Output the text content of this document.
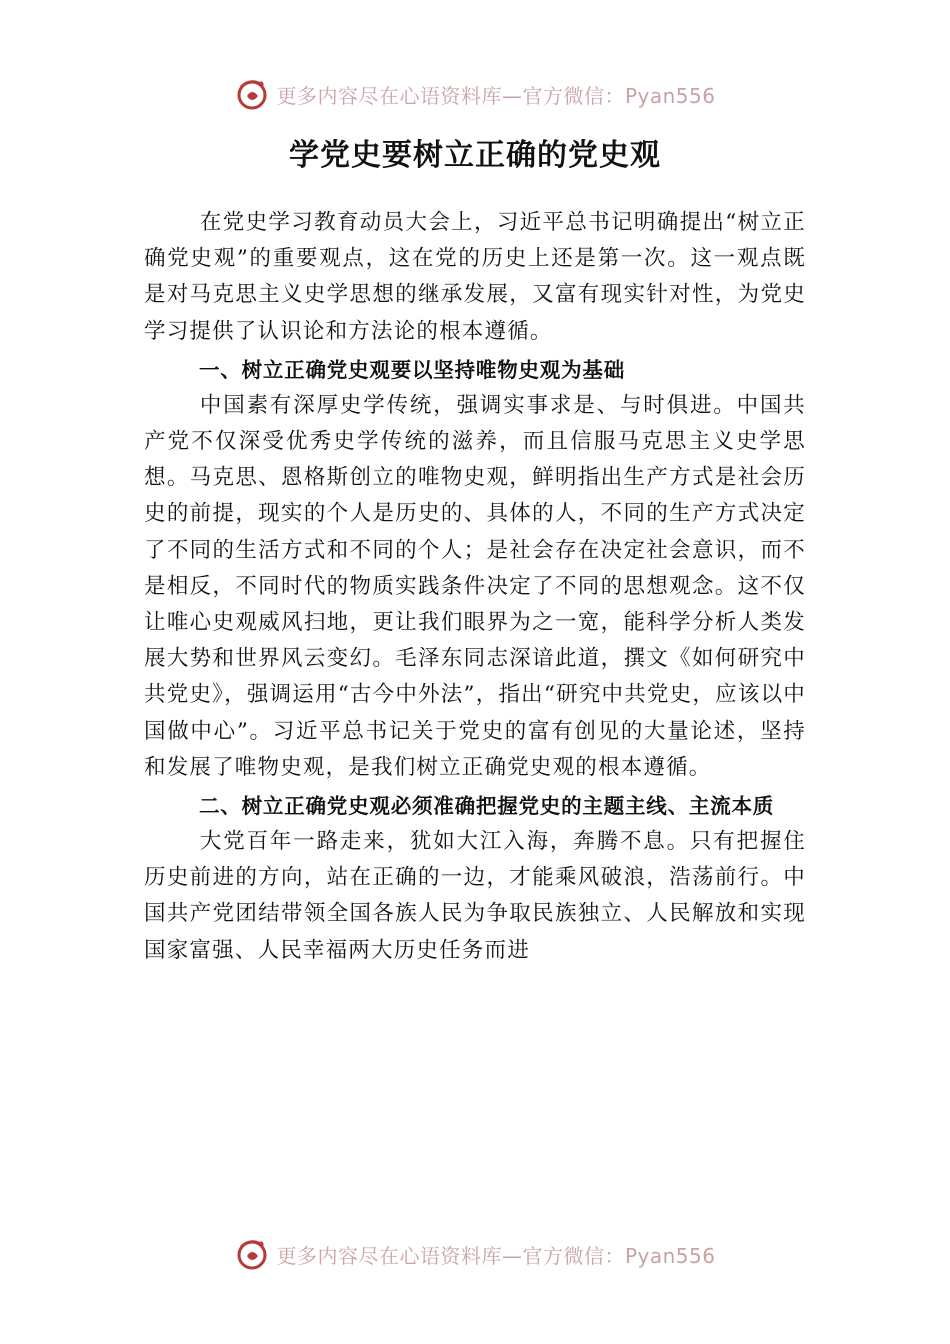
更多内容尽在心语资料库—官方微信：Pyan556
学党史要树立正确的党史观

在党史学习教育动员大会上，习近平总书记明确提出“树立正确党史观”的重要观点，这在党的历史上还是第一次。这一观点既是对马克思主义史学思想的继承发展，又富有现实针对性，为党史学习提供了认识论和方法论的根本遵循。

一、树立正确党史观要以坚持唯物史观为基础

中国素有深厚史学传统，强调实事求是、与时俱进。中国共产党不仅深受优秀史学传统的滋养，而且信服马克思主义史学思想。马克思、恩格斯创立的唯物史观，鲜明指出生产方式是社会历史的前提，现实的个人是历史的、具体的人，不同的生产方式决定了不同的生活方式和不同的个人；是社会存在决定社会意识，而不是相反，不同时代的物质实践条件决定了不同的思想观念。这不仅让唯心史观威风扫地，更让我们眼界为之一宽，能科学分析人类发展大势和世界风云变幻。毛泽东同志深谙此道，撰文《如何研究中共党史》，强调运用“古今中外法”，指出“研究中共党史，应该以中国做中心”。习近平总书记关于党史的富有创见的大量论述，坚持和发展了唯物史观，是我们树立正确党史观的根本遵循。

二、树立正确党史观必须准确把握党史的主题主线、主流本质

大党百年一路走来，犹如大江入海，奔腾不息。只有把握住历史前进的方向，站在正确的一边，才能乘风破浪，浩荡前行。中国共产党团结带领全国各族人民为争取民族独立、人民解放和实现国家富强、人民幸福两大历史任务而进

更多内容尽在心语资料库—官方微信：Pyan556
